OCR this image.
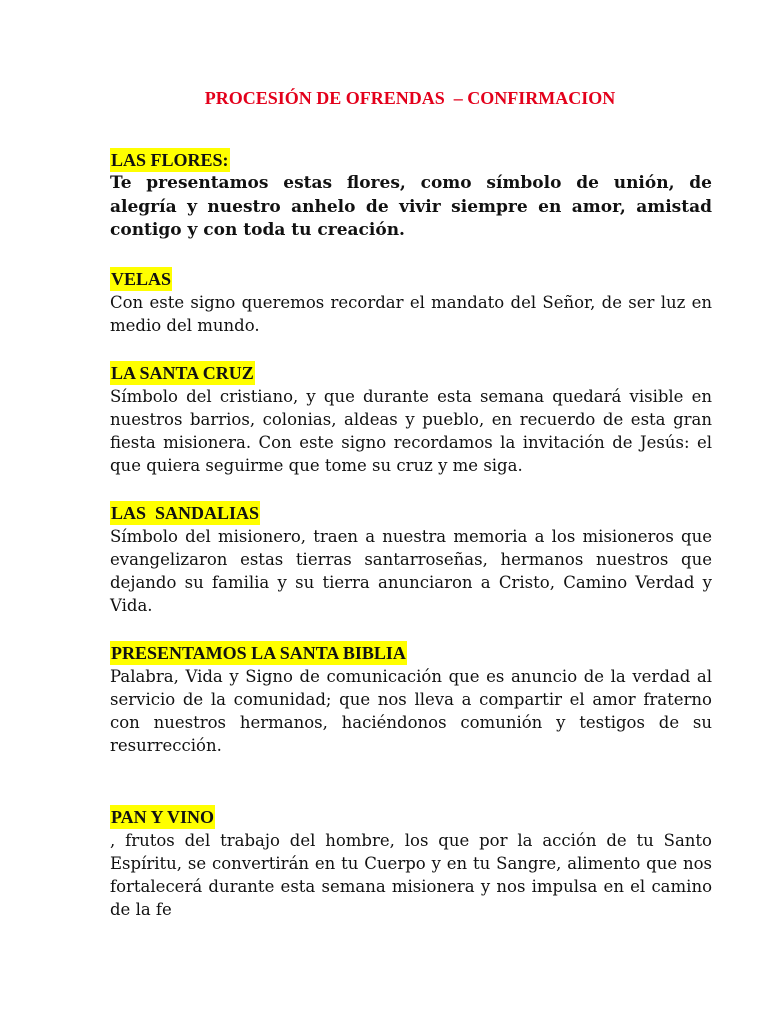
PROCESIÓN DE OFRENDAS  – CONFIRMACION
LAS FLORES:
Te presentamos estas flores, como símbolo de unión, de alegría y nuestro anhelo de vivir siempre en amor, amistad contigo y con toda tu creación.
VELAS
Con este signo queremos recordar el mandato del Señor, de ser luz en medio del mundo.
LA SANTA CRUZ
Símbolo del cristiano, y que durante esta semana quedará visible en nuestros barrios, colonias, aldeas y pueblo, en recuerdo de esta gran fiesta misionera. Con este signo recordamos la invitación de Jesús: el que quiera seguirme que tome su cruz y me siga.
LAS  SANDALIAS
Símbolo del misionero, traen a nuestra memoria a los misioneros que evangelizaron estas tierras santarroseñas, hermanos nuestros que dejando su familia y su tierra anunciaron a Cristo, Camino Verdad y Vida.
PRESENTAMOS LA SANTA BIBLIA
Palabra, Vida y Signo de comunicación que es anuncio de la verdad al servicio de la comunidad; que nos lleva a compartir el amor fraterno con nuestros hermanos, haciéndonos comunión y testigos de su resurrección.
PAN Y VINO
, frutos del trabajo del hombre, los que por la acción de tu Santo Espíritu, se convertirán en tu Cuerpo y en tu Sangre, alimento que nos fortalecerá durante esta semana misionera y nos impulsa en el camino de la fe
